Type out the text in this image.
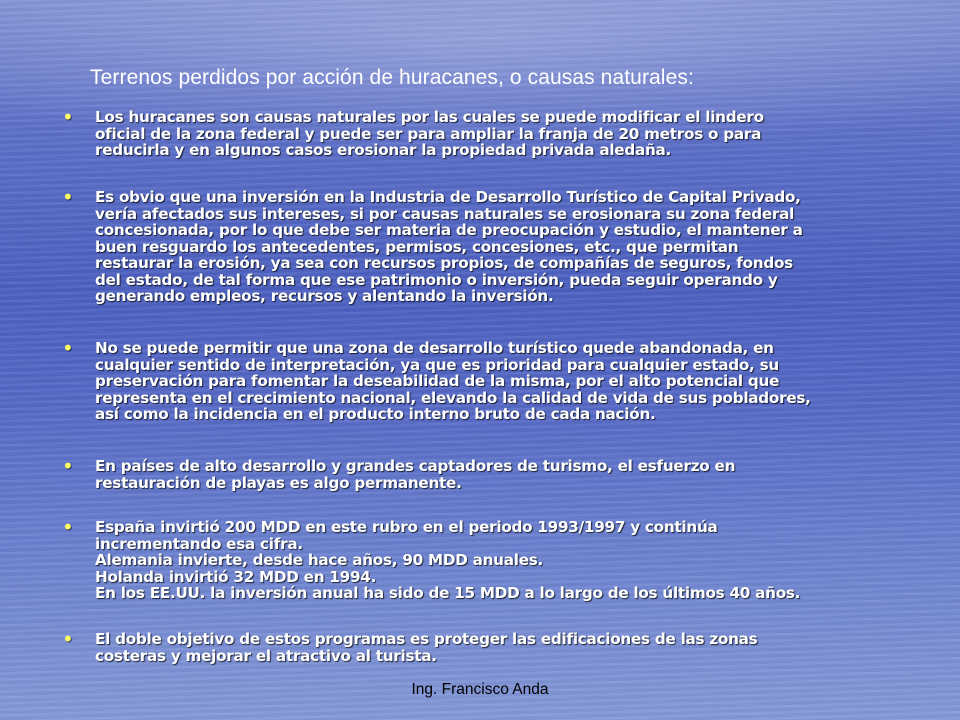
Terrenos perdidos por acción de huracanes, o causas naturales:
•	Los huracanes son causas naturales por las cuales se puede modificar el lindero
oficial de la zona federal y puede ser para ampliar la franja de 20 metros o para
reducirla y en algunos casos erosionar la propiedad privada aledaña.

•	Es obvio que una inversión en la Industria de Desarrollo Turístico de Capital Privado,
vería afectados sus intereses, si por causas naturales se erosionara su zona federal
concesionada, por lo que debe ser materia de preocupación y estudio, el mantener a
buen resguardo los antecedentes, permisos, concesiones, etc., que permitan
restaurar la erosión, ya sea con recursos propios, de compañías de seguros, fondos
del estado, de tal forma que ese patrimonio o inversión, pueda seguir operando y
generando empleos, recursos y alentando la inversión.

•	No se puede permitir que una zona de desarrollo turístico quede abandonada, en
cualquier sentido de interpretación, ya que es prioridad para cualquier estado, su
preservación para fomentar la deseabilidad de la misma, por el alto potencial que
representa en el crecimiento nacional, elevando la calidad de vida de sus pobladores,
así como la incidencia en el producto interno bruto de cada nación.

•	En países de alto desarrollo y grandes captadores de turismo, el esfuerzo en
restauración de playas es algo permanente.

•	España invirtió 200 MDD en este rubro en el periodo 1993/1997 y continúa
incrementando esa cifra.
Alemania invierte, desde hace años, 90 MDD anuales.
Holanda invirtió 32 MDD en 1994.
En los EE.UU. la inversión anual ha sido de 15 MDD a lo largo de los últimos 40 años.

•	El doble objetivo de estos programas es proteger las edificaciones de las zonas
costeras y mejorar el atractivo al turista.

Ing. Francisco Anda
